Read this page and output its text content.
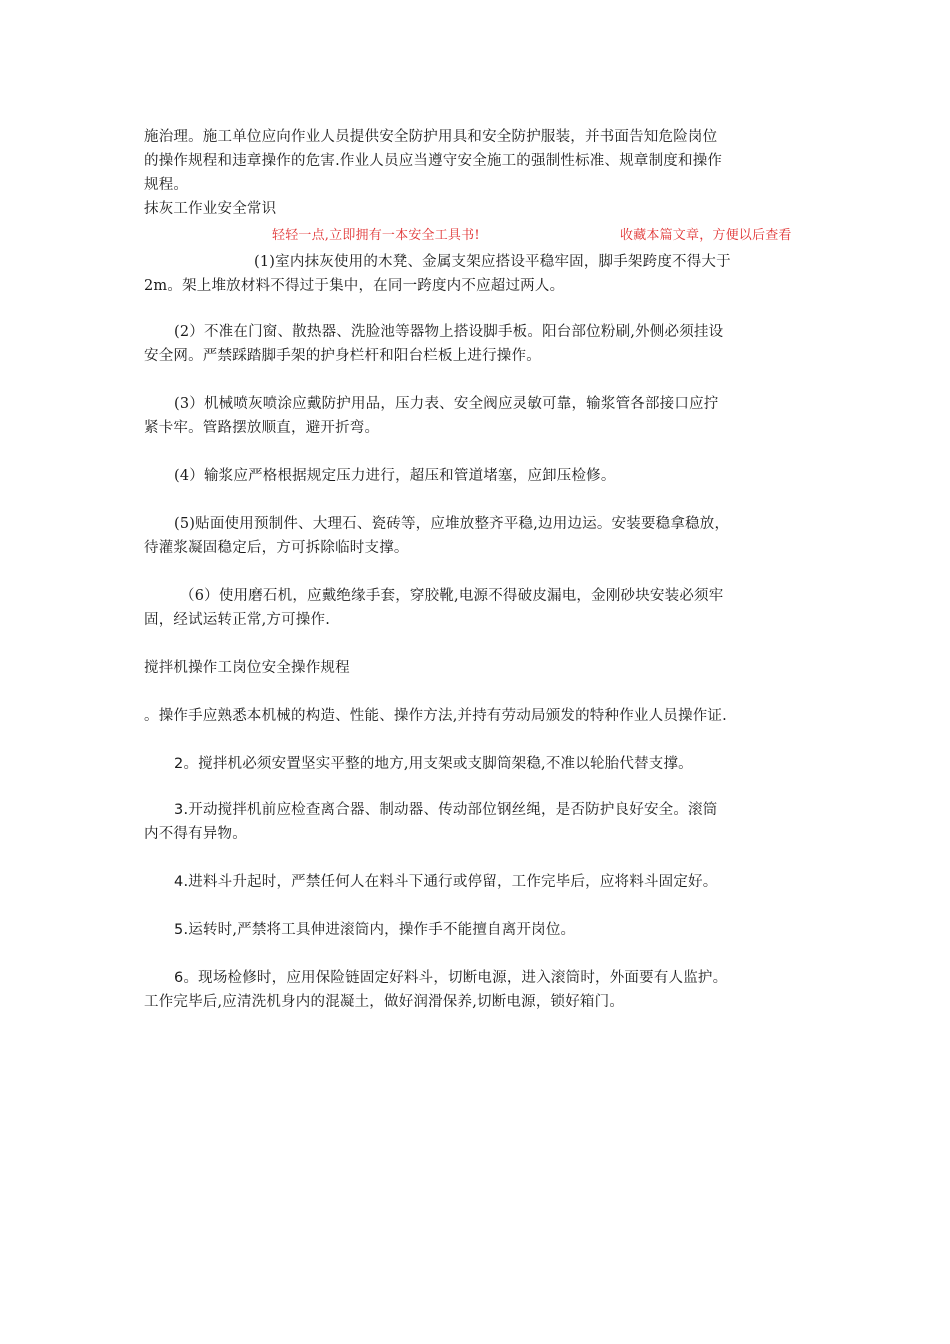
施治理。施工单位应向作业人员提供安全防护用具和安全防护服装，并书面告知危险岗位
的操作规程和违章操作的危害.作业人员应当遵守安全施工的强制性标准、规章制度和操作
规程。
抹灰工作业安全常识
轻轻一点,立即拥有一本安全工具书!	收藏本篇文章，方便以后查看
(1)室内抹灰使用的木凳、金属支架应搭设平稳牢固，脚手架跨度不得大于
2m。架上堆放材料不得过于集中，在同一跨度内不应超过两人。
(2）不准在门窗、散热器、洗脸池等器物上搭设脚手板。阳台部位粉刷,外侧必须挂设
安全网。严禁踩踏脚手架的护身栏杆和阳台栏板上进行操作。
(3）机械喷灰喷涂应戴防护用品，压力表、安全阀应灵敏可靠，输浆管各部接口应拧
紧卡牢。管路摆放顺直，避开折弯。
(4）输浆应严格根据规定压力进行，超压和管道堵塞，应卸压检修。
(5)贴面使用预制件、大理石、瓷砖等，应堆放整齐平稳,边用边运。安装要稳拿稳放，
待灌浆凝固稳定后，方可拆除临时支撑。
（6）使用磨石机，应戴绝缘手套，穿胶靴,电源不得破皮漏电，金刚砂块安装必须牢
固，经试运转正常,方可操作.
搅拌机操作工岗位安全操作规程
。操作手应熟悉本机械的构造、性能、操作方法,并持有劳动局颁发的特种作业人员操作证.
2。搅拌机必须安置坚实平整的地方,用支架或支脚筒架稳,不准以轮胎代替支撑。
3.开动搅拌机前应检查离合器、制动器、传动部位钢丝绳，是否防护良好安全。滚筒
内不得有异物。
4.进料斗升起时，严禁任何人在料斗下通行或停留，工作完毕后，应将料斗固定好。
5.运转时,严禁将工具伸进滚筒内，操作手不能擅自离开岗位。
6。现场检修时，应用保险链固定好料斗，切断电源，进入滚筒时，外面要有人监护。
工作完毕后,应清洗机身内的混凝土，做好润滑保养,切断电源，锁好箱门。
